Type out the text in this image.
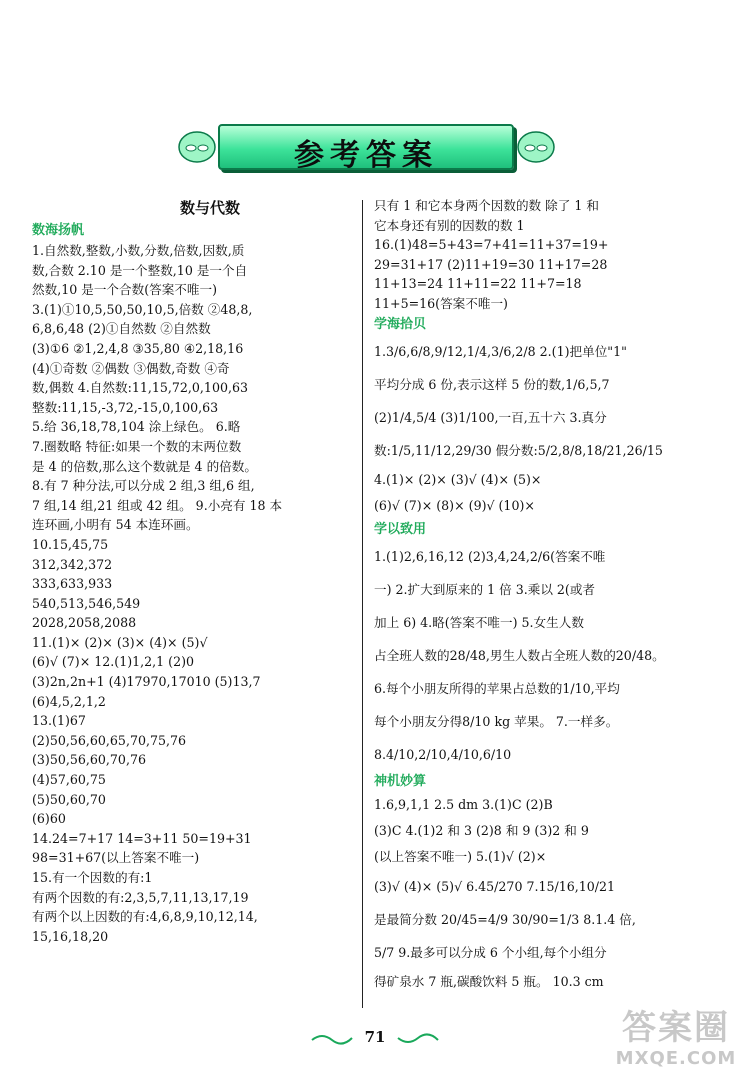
参考答案
数与代数
数海扬帆
1.自然数,整数,小数,分数,倍数,因数,质
数,合数 2.10 是一个整数,10 是一个自
然数,10 是一个合数(答案不唯一)
3.(1)①10,5,50,50,10,5,倍数 ②48,8,
6,8,6,48 (2)①自然数 ②自然数
(3)①6 ②1,2,4,8 ③35,80 ④2,18,16
(4)①奇数 ②偶数 ③偶数,奇数 ④奇
数,偶数 4.自然数:11,15,72,0,100,63
整数:11,15,-3,72,-15,0,100,63
5.给 36,18,78,104 涂上绿色。 6.略
7.圈数略 特征:如果一个数的末两位数
是 4 的倍数,那么这个数就是 4 的倍数。
8.有 7 种分法,可以分成 2 组,3 组,6 组,
7 组,14 组,21 组或 42 组。 9.小亮有 18 本
连环画,小明有 54 本连环画。
10.15,45,75
312,342,372
333,633,933
540,513,546,549
2028,2058,2088
11.(1)× (2)× (3)× (4)× (5)√
(6)√ (7)× 12.(1)1,2,1 (2)0
(3)2n,2n+1 (4)17970,17010 (5)13,7
(6)4,5,2,1,2
13.(1)67
(2)50,56,60,65,70,75,76
(3)50,56,60,70,76
(4)57,60,75
(5)50,60,70
(6)60
14.24=7+17 14=3+11 50=19+31
98=31+67(以上答案不唯一)
15.有一个因数的有:1
有两个因数的有:2,3,5,7,11,13,17,19
有两个以上因数的有:4,6,8,9,10,12,14,
15,16,18,20
只有 1 和它本身两个因数的数 除了 1 和
它本身还有别的因数的数 1
16.(1)48=5+43=7+41=11+37=19+
29=31+17 (2)11+19=30 11+17=28
11+13=24 11+11=22 11+7=18
11+5=16(答案不唯一)
学海拾贝
1.3/6,6/8,9/12,1/4,3/6,2/8 2.(1)把单位"1"
平均分成 6 份,表示这样 5 份的数,1/6,5,7
(2)1/4,5/4 (3)1/100,一百,五十六 3.真分
数:1/5,11/12,29/30 假分数:5/2,8/8,18/21,26/15
4.(1)× (2)× (3)√ (4)× (5)×
(6)√ (7)× (8)× (9)√ (10)×
学以致用
1.(1)2,6,16,12 (2)3,4,24,2/6(答案不唯
一) 2.扩大到原来的 1 倍 3.乘以 2(或者
加上 6) 4.略(答案不唯一) 5.女生人数
占全班人数的28/48,男生人数占全班人数的20/48。
6.每个小朋友所得的苹果占总数的1/10,平均
每个小朋友分得8/10 kg 苹果。 7.一样多。
8.4/10,2/10,4/10,6/10
神机妙算
1.6,9,1,1 2.5 dm 3.(1)C (2)B
(3)C 4.(1)2 和 3 (2)8 和 9 (3)2 和 9
(以上答案不唯一) 5.(1)√ (2)×
(3)√ (4)× (5)√ 6.45/270 7.15/16,10/21
是最简分数 20/45=4/9 30/90=1/3 8.1.4 倍,
5/7 9.最多可以分成 6 个小组,每个小组分
得矿泉水 7 瓶,碳酸饮料 5 瓶。 10.3 cm
71	答案圈
MXQE.COM
